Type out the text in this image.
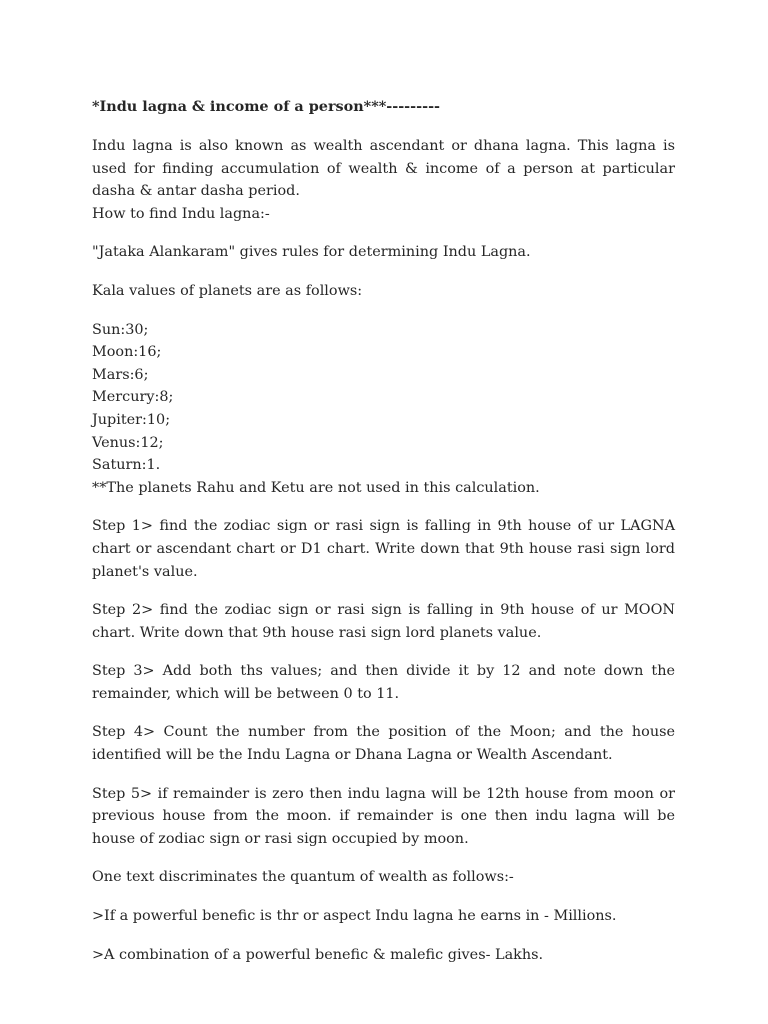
*Indu lagna & income of a person***---------

Indu lagna is also known as wealth ascendant or dhana lagna. This lagna is used for finding accumulation of wealth & income of a person at particular dasha & antar dasha period.
How to find Indu lagna:-

"Jataka Alankaram" gives rules for determining Indu Lagna.

Kala values of planets are as follows:

Sun:30;
Moon:16;
Mars:6;
Mercury:8;
Jupiter:10;
Venus:12;
Saturn:1.
**The planets Rahu and Ketu are not used in this calculation.

Step 1> find the zodiac sign or rasi sign is falling in 9th house of ur LAGNA chart or ascendant chart or D1 chart. Write down that 9th house rasi sign lord planet's value.

Step 2> find the zodiac sign or rasi sign is falling in 9th house of ur MOON chart. Write down that 9th house rasi sign lord planets value.

Step 3> Add both ths values; and then divide it by 12 and note down the remainder, which will be between 0 to 11.

Step 4> Count the number from the position of the Moon; and the house identified will be the Indu Lagna or Dhana Lagna or Wealth Ascendant.

Step 5> if remainder is zero then indu lagna will be 12th house from moon or previous house from the moon. if remainder is one then indu lagna will be house of zodiac sign or rasi sign occupied by moon.

One text discriminates the quantum of wealth as follows:-

>If a powerful benefic is thr or aspect Indu lagna he earns in - Millions.

>A combination of a powerful benefic & malefic gives- Lakhs.
